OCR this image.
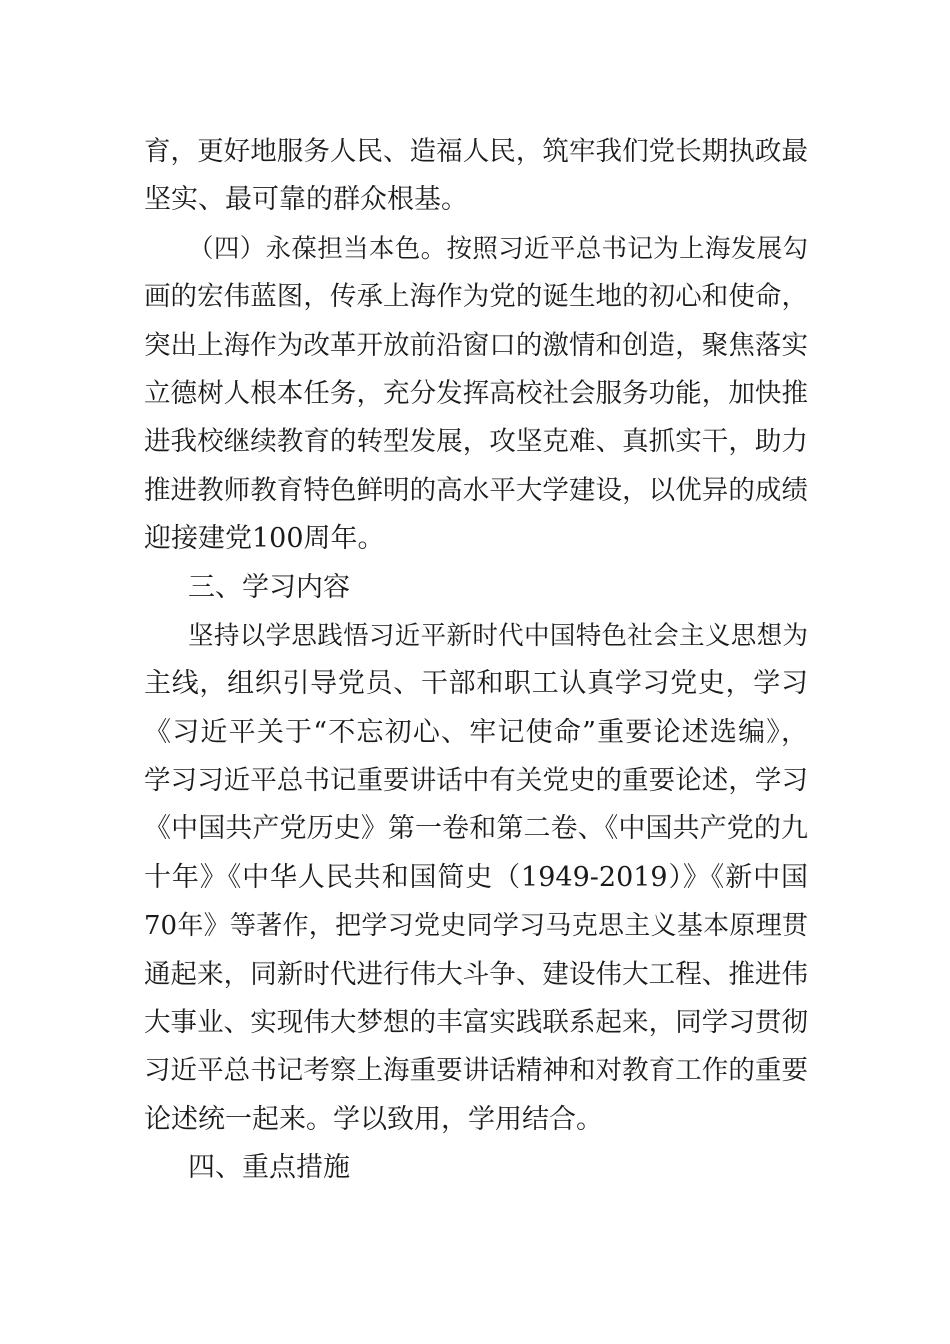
育，更好地服务人民、造福人民，筑牢我们党长期执政最
坚实、最可靠的群众根基。
（四）永葆担当本色。按照习近平总书记为上海发展勾
画的宏伟蓝图，传承上海作为党的诞生地的初心和使命，
突出上海作为改革开放前沿窗口的激情和创造，聚焦落实
立德树人根本任务，充分发挥高校社会服务功能，加快推
进我校继续教育的转型发展，攻坚克难、真抓实干，助力
推进教师教育特色鲜明的高水平大学建设，以优异的成绩
迎接建党100周年。
三、学习内容
坚持以学思践悟习近平新时代中国特色社会主义思想为
主线，组织引导党员、干部和职工认真学习党史，学习
《习近平关于“不忘初心、牢记使命”重要论述选编》，
学习习近平总书记重要讲话中有关党史的重要论述，学习
《中国共产党历史》第一卷和第二卷、《中国共产党的九
十年》《中华人民共和国简史（1949-2019）》《新中国
70年》等著作，把学习党史同学习马克思主义基本原理贯
通起来，同新时代进行伟大斗争、建设伟大工程、推进伟
大事业、实现伟大梦想的丰富实践联系起来，同学习贯彻
习近平总书记考察上海重要讲话精神和对教育工作的重要
论述统一起来。学以致用，学用结合。
四、重点措施
